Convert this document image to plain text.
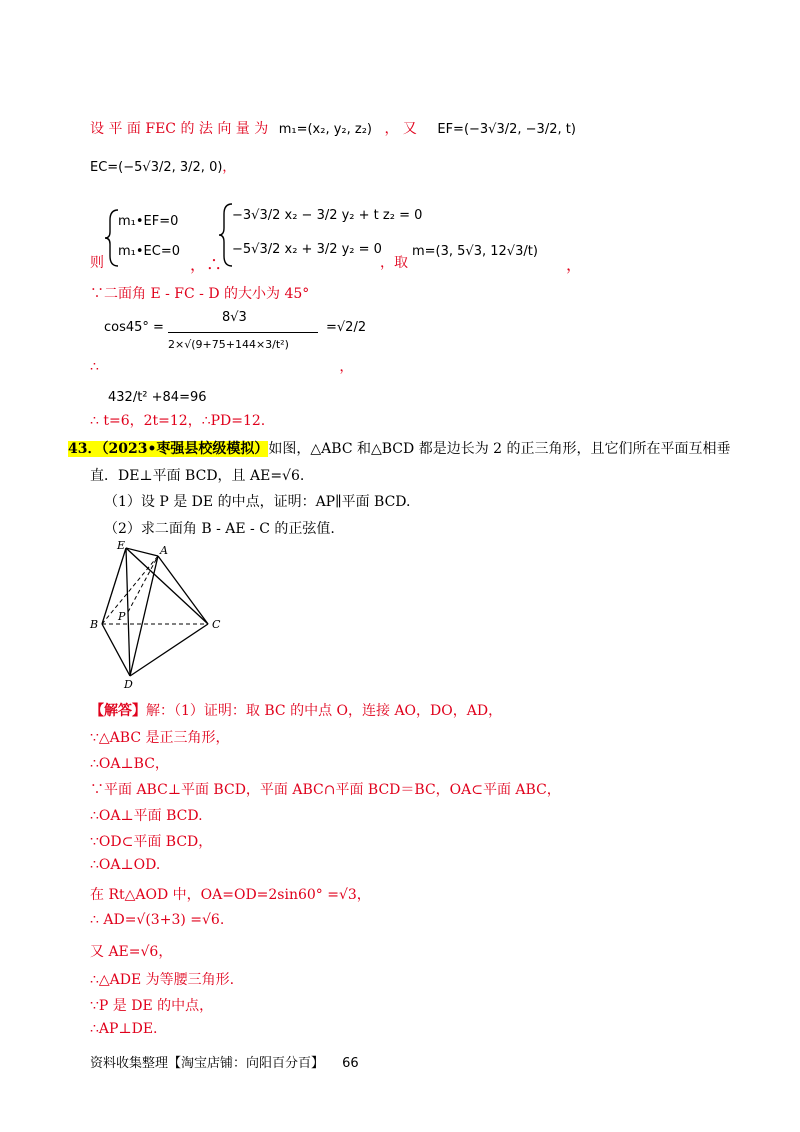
设 平 面 FEC 的 法 向 量 为 m₁=(x₂, y₂, z₂) ， 又 EF=(−3√3/2, −3/2, t)
EC=(−5√3/2, 3/2, 0)，
则
m₁•EF=0
m₁•EC=0
，∴
−3√3/2 x₂ − 3/2 y₂ + t z₂ = 0
−5√3/2 x₂ + 3/2 y₂ = 0
，取
m=(3, 5√3, 12√3/t)
，
∵二面角 E - FC - D 的大小为 45°
cos45° =
8√3
2×√(9+75+144×3/t²)
=√2/2
∴	，
432/t² +84=96
∴ t=6，2t=12，∴PD=12.
43．（2023•枣强县校级模拟）如图，△ABC 和△BCD 都是边长为 2 的正三角形，且它们所在平面互相垂
直．DE⊥平面 BCD，且 AE=√6.
（1）设 P 是 DE 的中点，证明：AP∥平面 BCD.
（2）求二面角 B - AE - C 的正弦值.
E	A
P
B	C
D
【解答】解：（1）证明：取 BC 的中点 O，连接 AO，DO，AD，
∵△ABC 是正三角形，
∴OA⊥BC，
∵平面 ABC⊥平面 BCD，平面 ABC∩平面 BCD＝BC，OA⊂平面 ABC，
∴OA⊥平面 BCD.
∵OD⊂平面 BCD，
∴OA⊥OD.
在 Rt△AOD 中，OA=OD=2sin60° =√3，
∴ AD=√(3+3) =√6.
又 AE=√6，
∴△ADE 为等腰三角形.
∵P 是 DE 的中点，
∴AP⊥DE.
资料收集整理【淘宝店铺：向阳百分百】 66
